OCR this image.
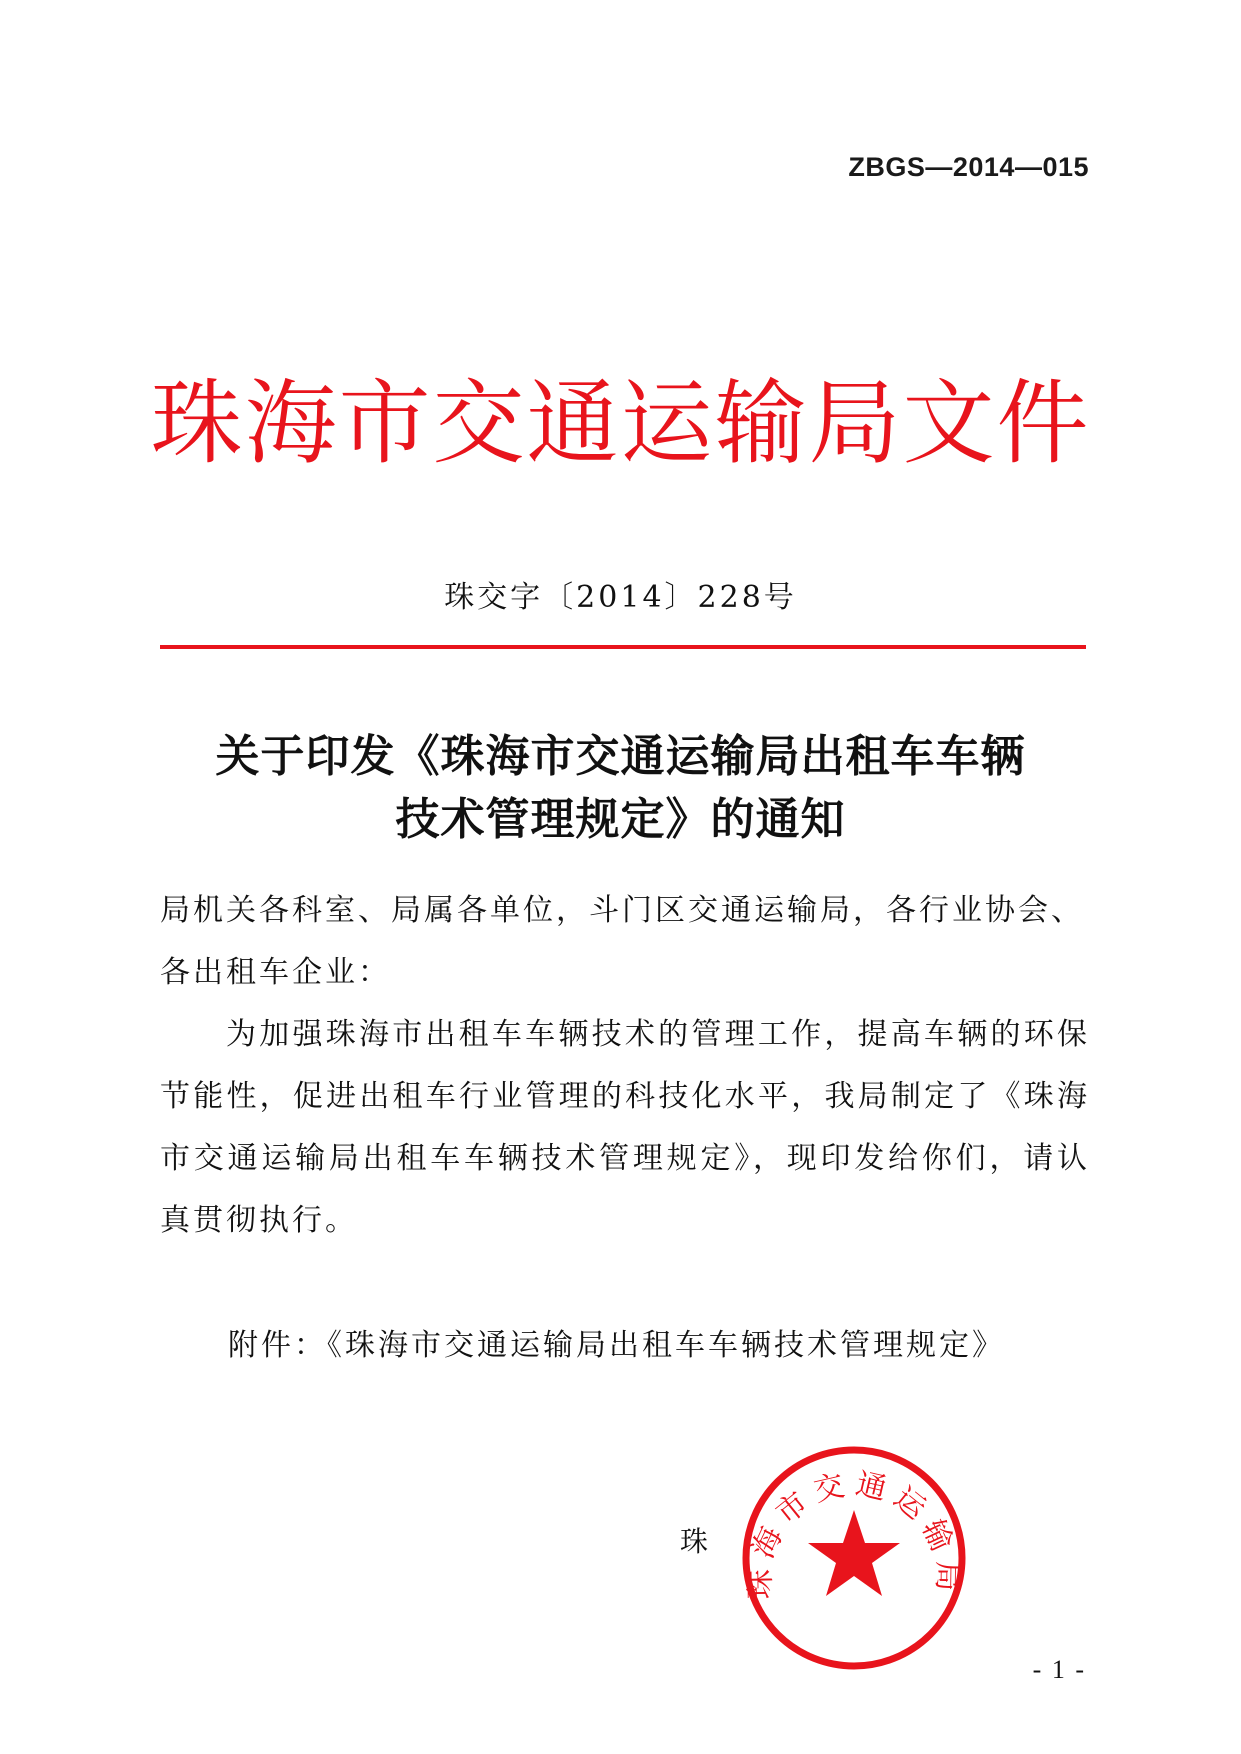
ZBGS—2014—015
珠海市交通运输局文件
珠交字〔2014〕228号
关于印发《珠海市交通运输局出租车车辆
技术管理规定》的通知
局机关各科室、局属各单位，斗门区交通运输局，各行业协会、各出租车企业：
为加强珠海市出租车车辆技术的管理工作，提高车辆的环保节能性，促进出租车行业管理的科技化水平，我局制定了《珠海市交通运输局出租车车辆技术管理规定》，现印发给你们，请认真贯彻执行。
附件：《珠海市交通运输局出租车车辆技术管理规定》
珠
珠海市交通运输局
- 1 -
